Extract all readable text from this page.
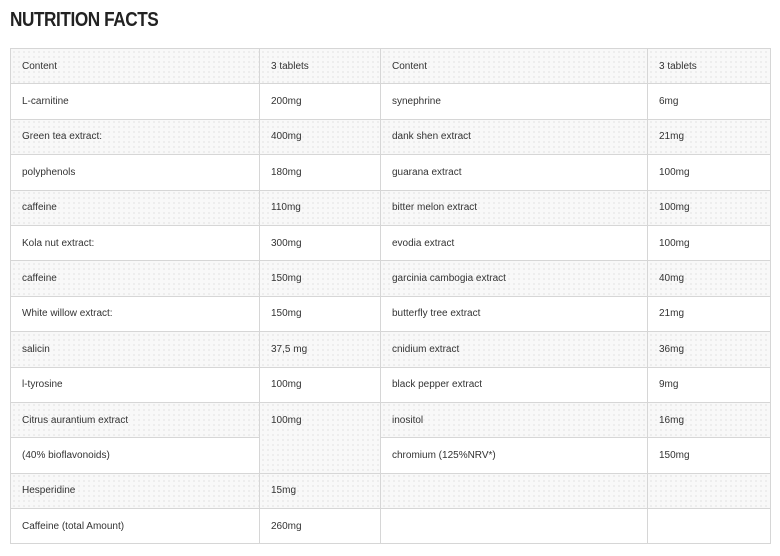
NUTRITION FACTS
Content	3 tablets	Content	3 tablets
L-carnitine	200mg	synephrine	6mg
Green tea extract:	400mg	dank shen extract	21mg
polyphenols	180mg	guarana extract	100mg
caffeine	110mg	bitter melon extract	100mg
Kola nut extract:	300mg	evodia extract	100mg
caffeine	150mg	garcinia cambogia extract	40mg
White willow extract:	150mg	butterfly tree extract	21mg
salicin	37,5 mg	cnidium extract	36mg
l-tyrosine	100mg	black pepper extract	9mg
Citrus aurantium extract	100mg	inositol	16mg
(40% bioflavonoids)		chromium (125%NRV*)	150mg
Hesperidine	15mg		
Caffeine (total Amount)	260mg		
